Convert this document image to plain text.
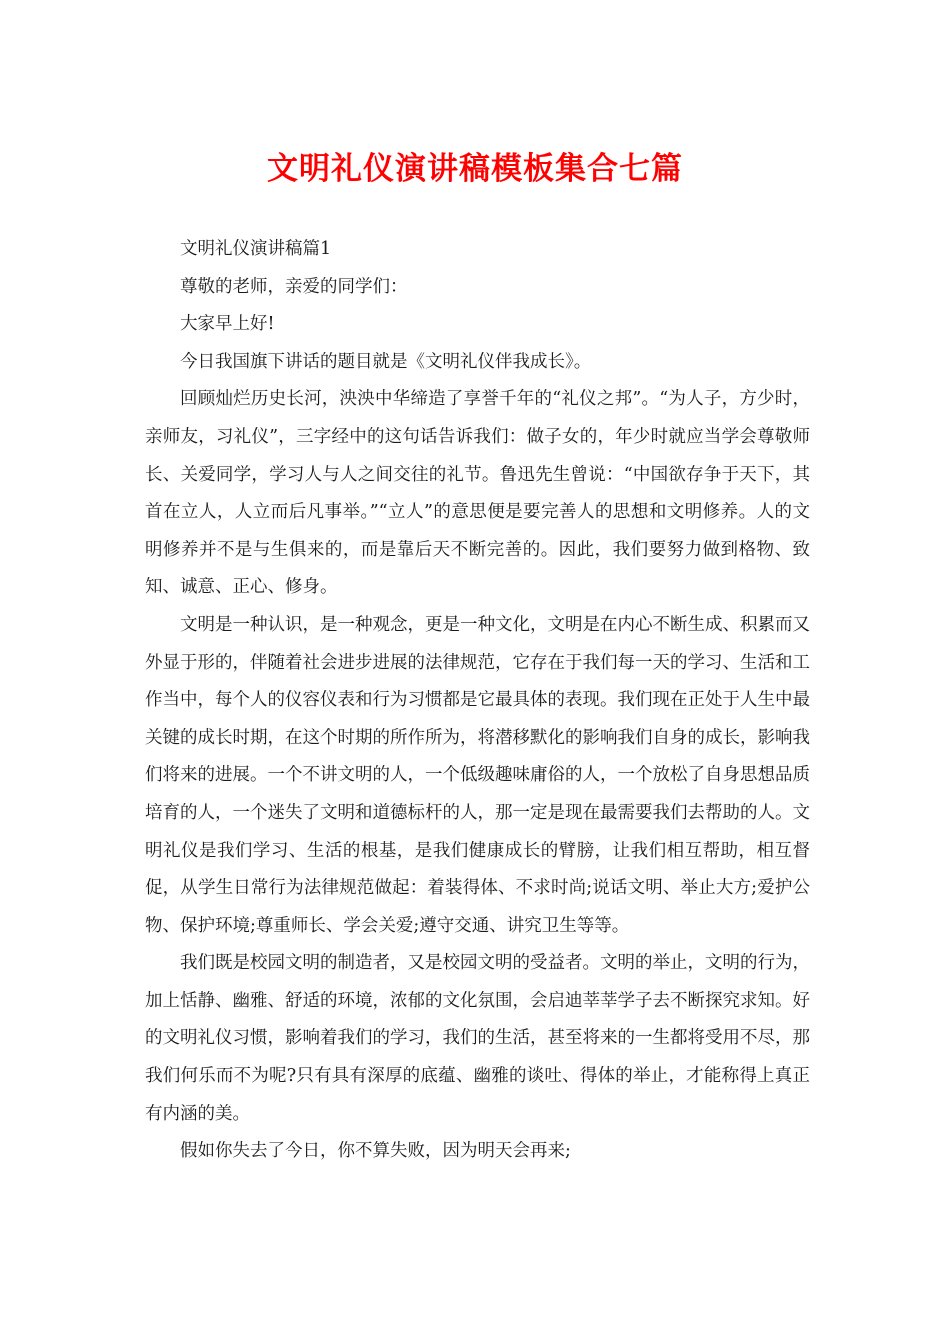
文明礼仪演讲稿模板集合七篇

文明礼仪演讲稿篇1

尊敬的老师，亲爱的同学们：

大家早上好!

今日我国旗下讲话的题目就是《文明礼仪伴我成长》。

回顾灿烂历史长河，泱泱中华缔造了享誉千年的“礼仪之邦”。“为人子，方少时，亲师友，习礼仪”，三字经中的这句话告诉我们：做子女的，年少时就应当学会尊敬师长、关爱同学，学习人与人之间交往的礼节。鲁迅先生曾说：“中国欲存争于天下，其首在立人，人立而后凡事举。”“立人”的意思便是要完善人的思想和文明修养。人的文明修养并不是与生俱来的，而是靠后天不断完善的。因此，我们要努力做到格物、致知、诚意、正心、修身。

文明是一种认识，是一种观念，更是一种文化，文明是在内心不断生成、积累而又外显于形的，伴随着社会进步进展的法律规范，它存在于我们每一天的学习、生活和工作当中，每个人的仪容仪表和行为习惯都是它最具体的表现。我们现在正处于人生中最关键的成长时期，在这个时期的所作所为，将潜移默化的影响我们自身的成长，影响我们将来的进展。一个不讲文明的人，一个低级趣味庸俗的人，一个放松了自身思想品质培育的人，一个迷失了文明和道德标杆的人，那一定是现在最需要我们去帮助的人。文明礼仪是我们学习、生活的根基，是我们健康成长的臂膀，让我们相互帮助，相互督促，从学生日常行为法律规范做起：着装得体、不求时尚;说话文明、举止大方;爱护公物、保护环境;尊重师长、学会关爱;遵守交通、讲究卫生等等。

我们既是校园文明的制造者，又是校园文明的受益者。文明的举止，文明的行为，加上恬静、幽雅、舒适的环境，浓郁的文化氛围，会启迪莘莘学子去不断探究求知。好的文明礼仪习惯，影响着我们的学习，我们的生活，甚至将来的一生都将受用不尽，那我们何乐而不为呢?只有具有深厚的底蕴、幽雅的谈吐、得体的举止，才能称得上真正有内涵的美。

假如你失去了今日，你不算失败，因为明天会再来;
